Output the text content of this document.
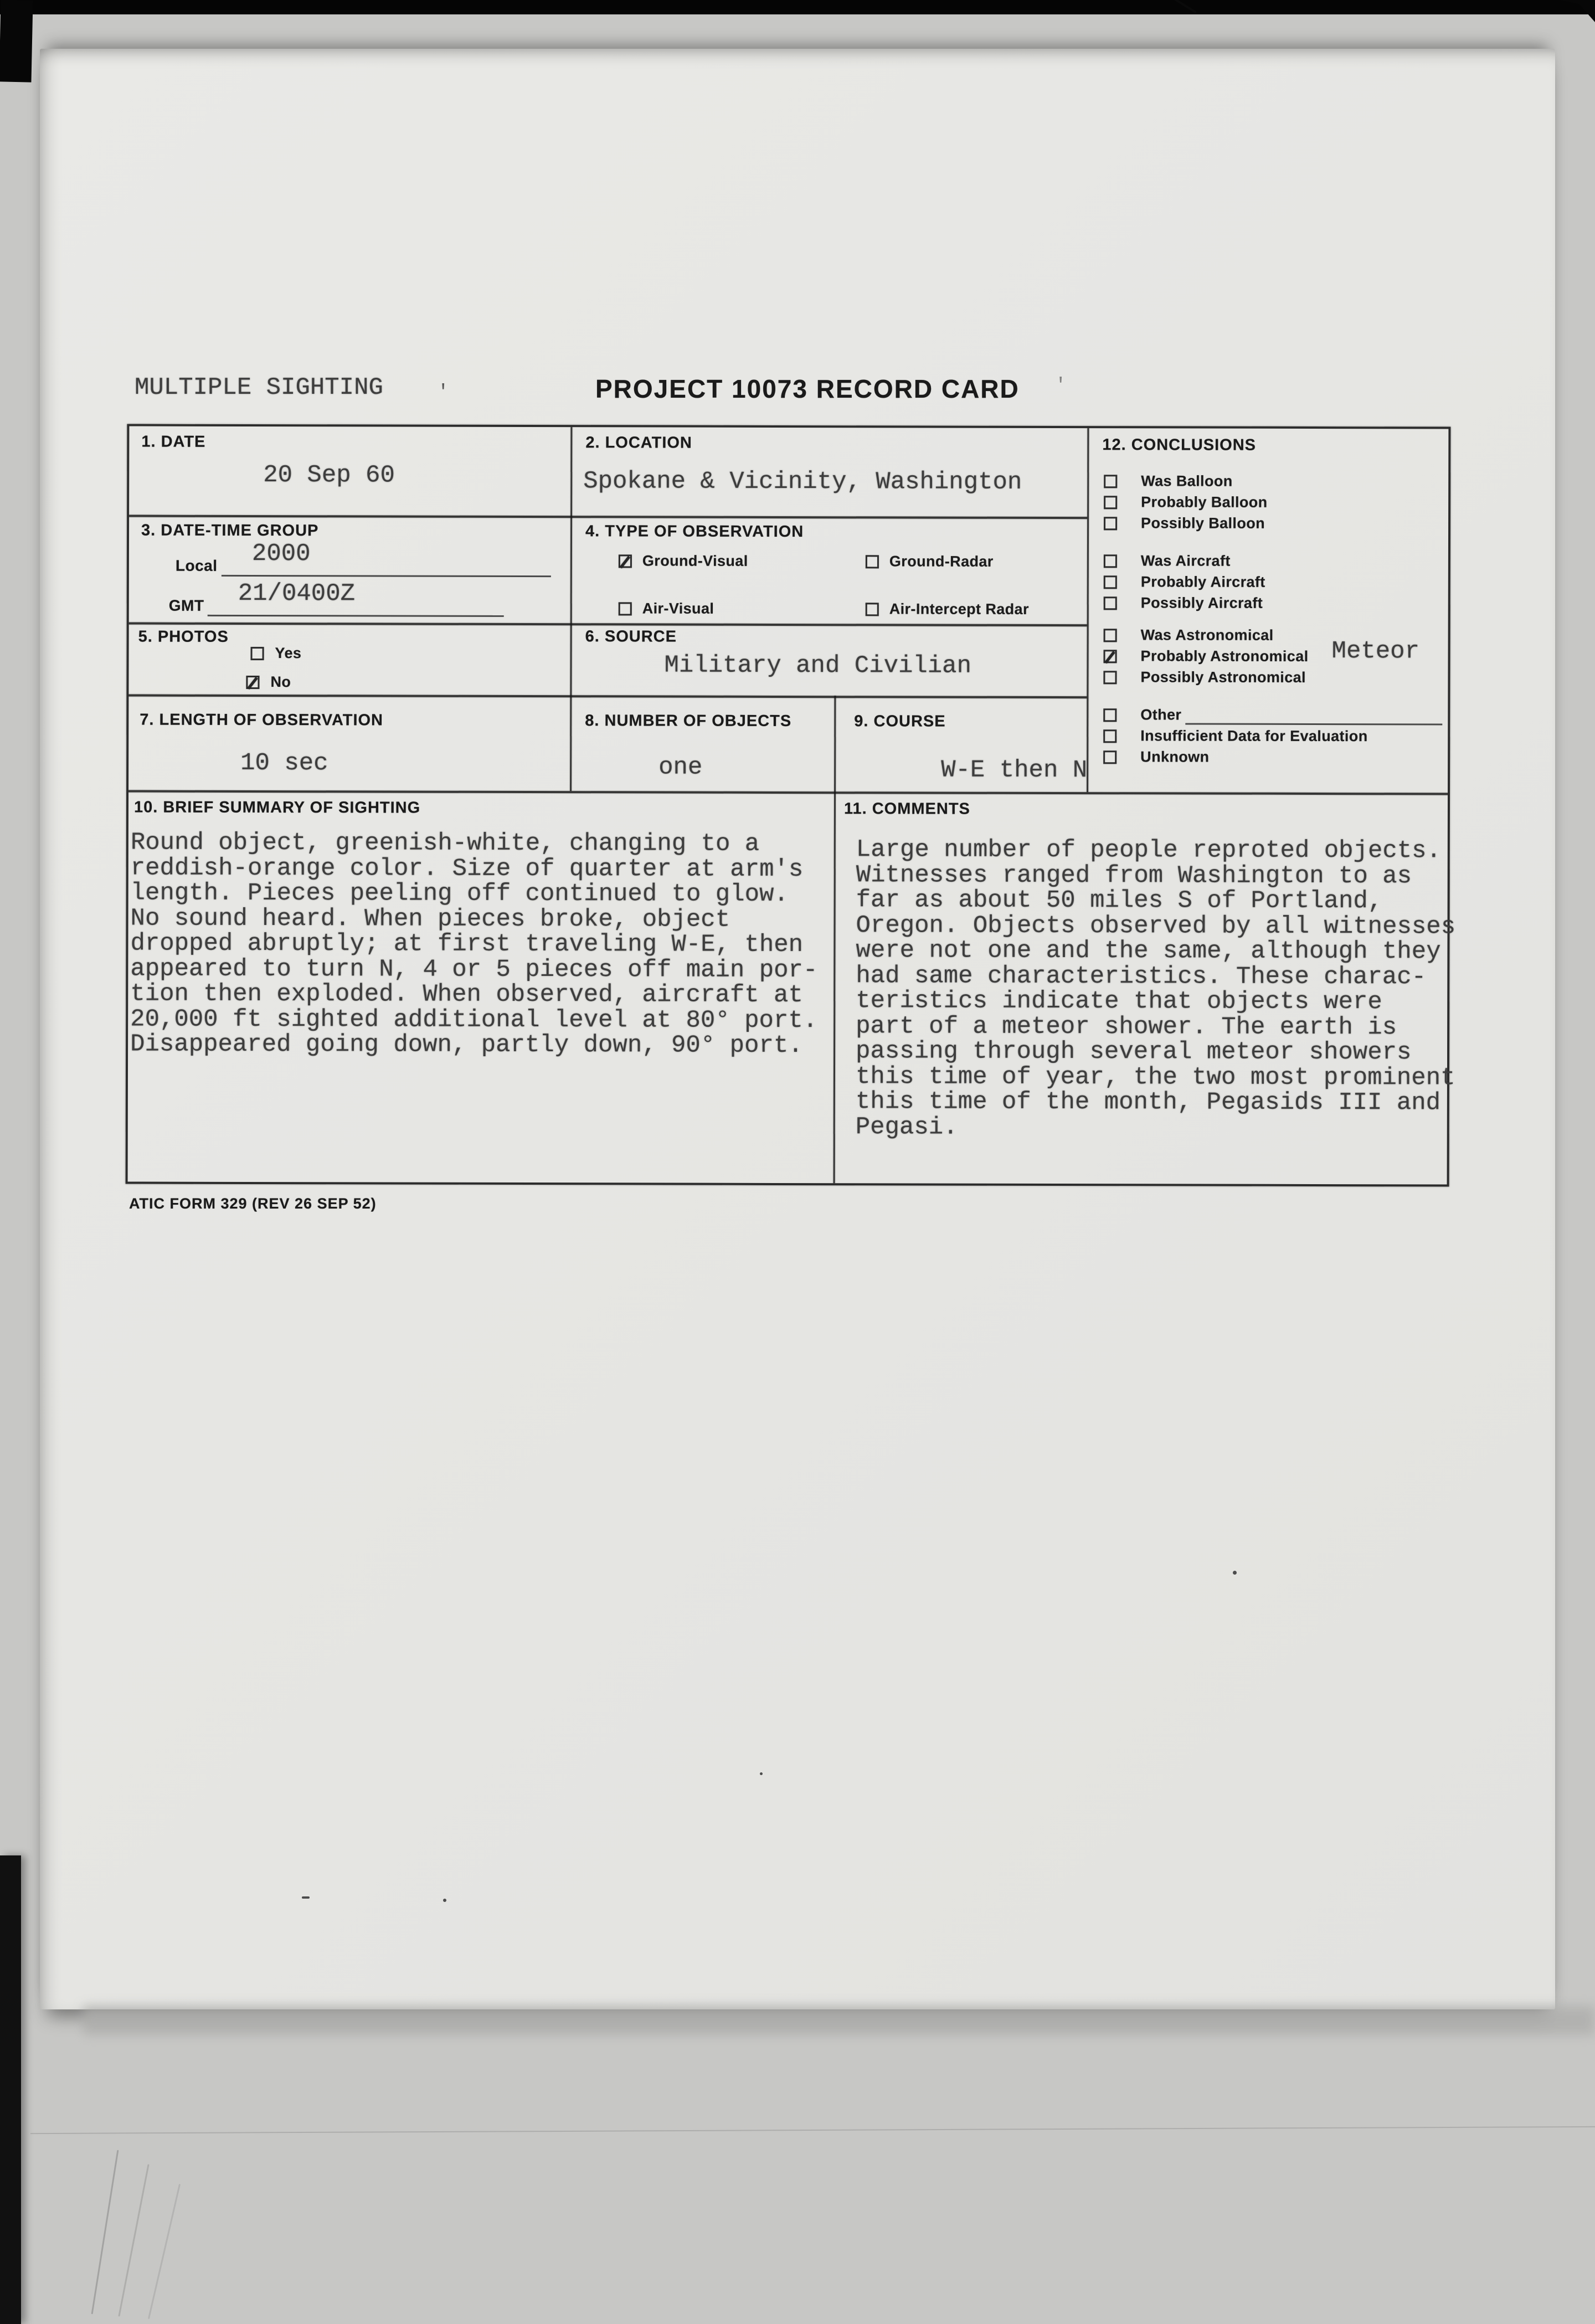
'	'
MULTIPLE SIGHTING	PROJECT 10073 RECORD CARD
1. DATE
20 Sep 60
2. LOCATION
Spokane & Vicinity, Washington
3. DATE-TIME GROUP
Local 2000
GMT 21/0400Z
4. TYPE OF OBSERVATION
Ground-Visual	Ground-Radar
Air-Visual	Air-Intercept Radar
5. PHOTOS
Yes
No
6. SOURCE
Military and Civilian
7. LENGTH OF OBSERVATION
10 sec
8. NUMBER OF OBJECTS
one
9. COURSE
W-E then N
10. BRIEF SUMMARY OF SIGHTING
Round object, greenish-white, changing to a
reddish-orange color. Size of quarter at arm's
length. Pieces peeling off continued to glow.
No sound heard. When pieces broke, object
dropped abruptly; at first traveling W-E, then
appeared to turn N, 4 or 5 pieces off main por-
tion then exploded. When observed, aircraft at
20,000 ft sighted additional level at 80° port.
Disappeared going down, partly down, 90° port.
11. COMMENTS
Large number of people reproted objects.
Witnesses ranged from Washington to as
far as about 50 miles S of Portland,
Oregon. Objects observed by all witnesses
were not one and the same, although they
had same characteristics. These charac-
teristics indicate that objects were
part of a meteor shower. The earth is
passing through several meteor showers
this time of year, the two most prominent
this time of the month, Pegasids III and
Pegasi.
12. CONCLUSIONS
Was Balloon
Probably Balloon
Possibly Balloon
Was Aircraft
Probably Aircraft
Possibly Aircraft
Was Astronomical
Probably Astronomical Meteor
Possibly Astronomical
Other
Insufficient Data for Evaluation
Unknown
ATIC FORM 329 (REV 26 SEP 52)
